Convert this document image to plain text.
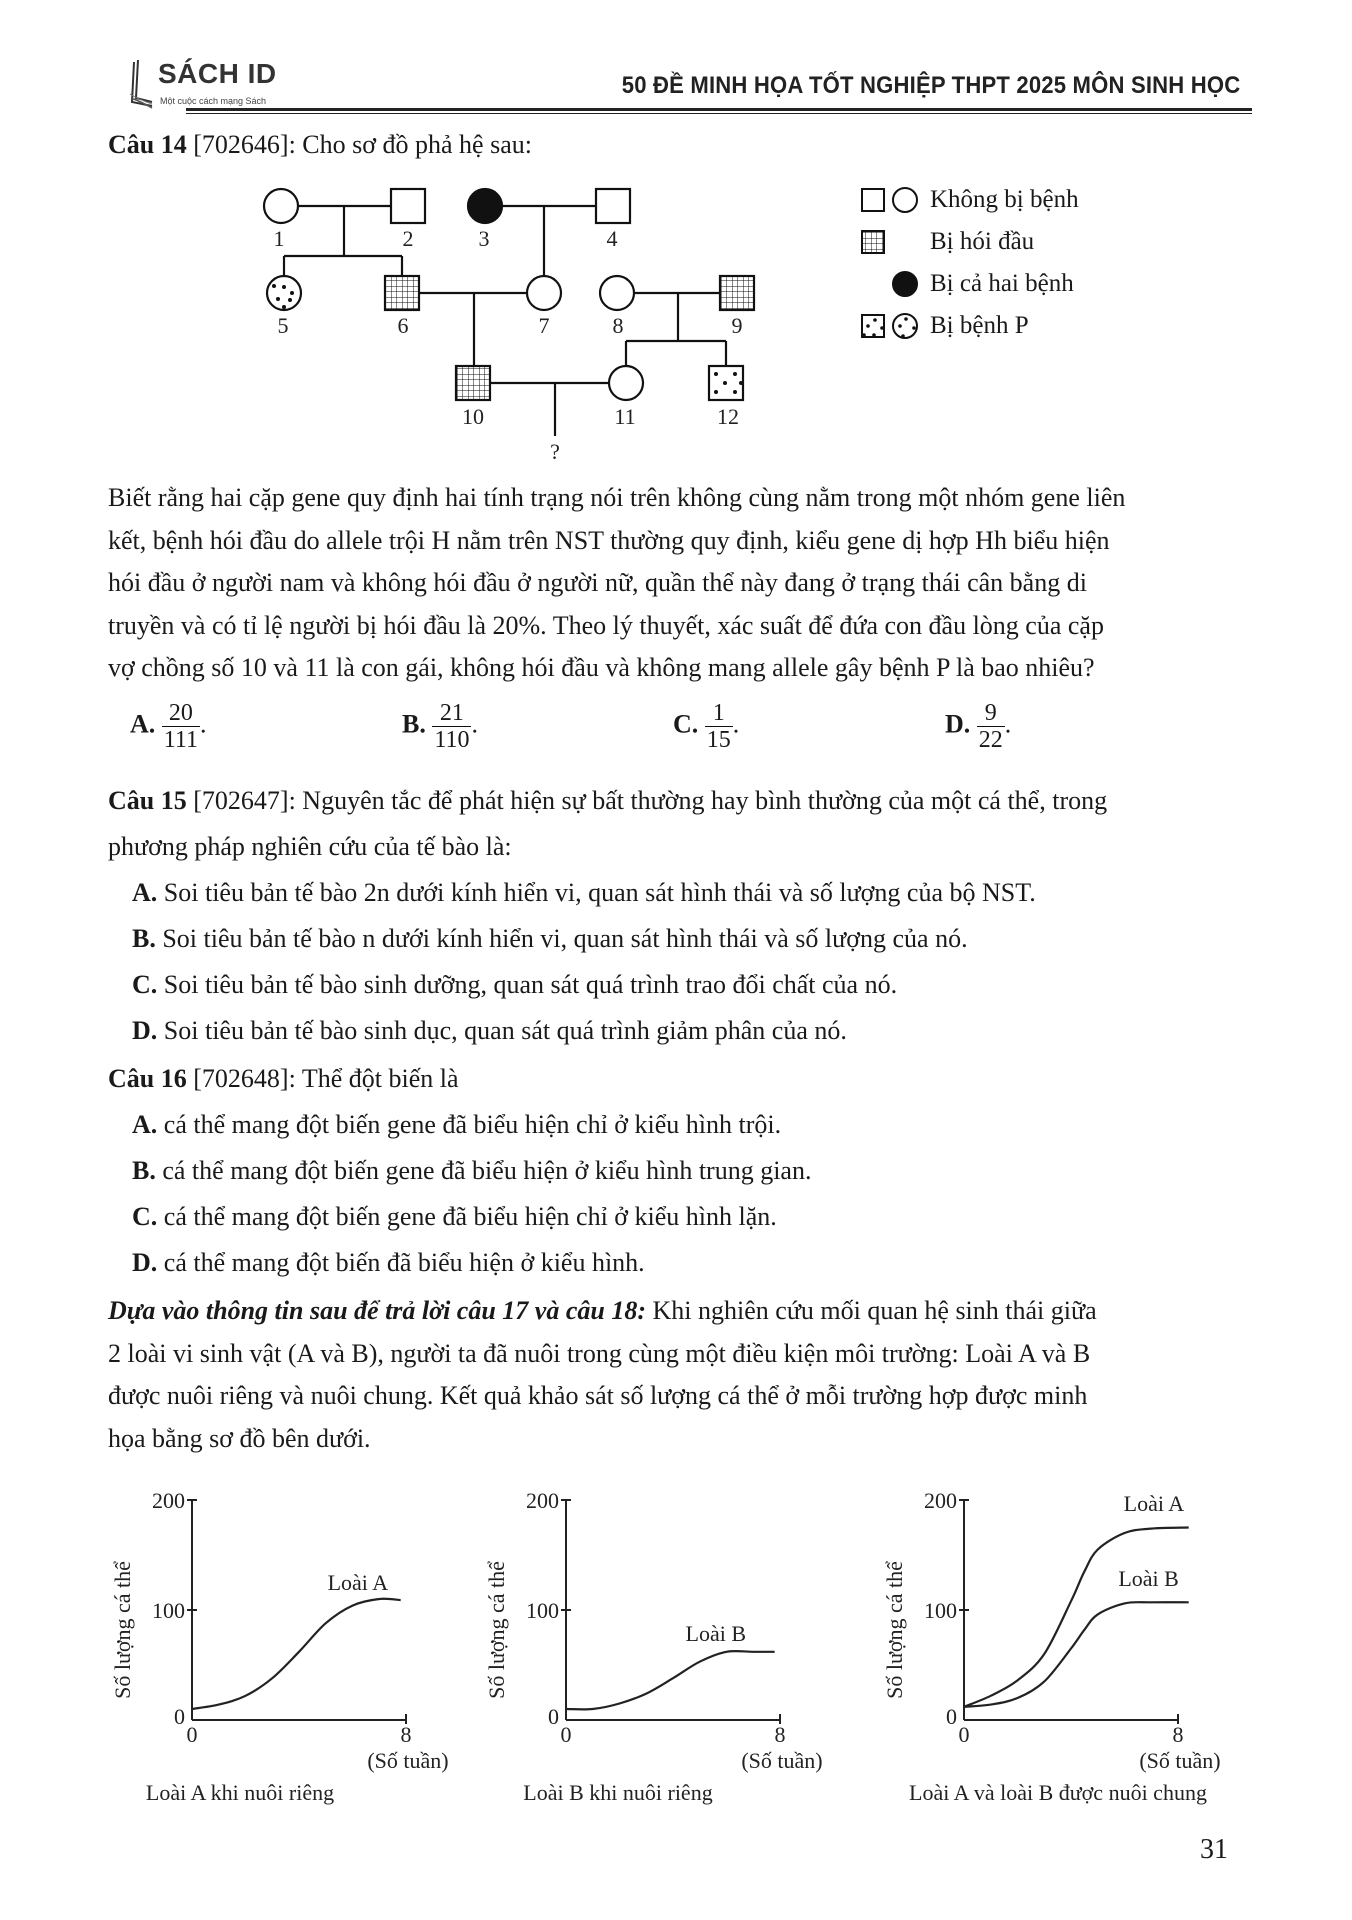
SÁCH ID
Một cuộc cách mạng Sách
50 ĐỀ MINH HỌA TỐT NGHIỆP THPT 2025 MÔN SINH HỌC
Câu 14 [702646]: Cho sơ đồ phả hệ sau:
1	2	3	4
5	6	7	8	9
10	11	12
?
Không bị bệnh
Bị hói đầu
Bị cả hai bệnh
Bị bệnh P
Biết rằng hai cặp gene quy định hai tính trạng nói trên không cùng nằm trong một nhóm gene liên
kết, bệnh hói đầu do allele trội H nằm trên NST thường quy định, kiểu gene dị hợp Hh biểu hiện
hói đầu ở người nam và không hói đầu ở người nữ, quần thể này đang ở trạng thái cân bằng di
truyền và có tỉ lệ người bị hói đầu là 20%. Theo lý thuyết, xác suất để đứa con đầu lòng của cặp
vợ chồng số 10 và 11 là con gái, không hói đầu và không mang allele gây bệnh P là bao nhiêu?
A. $\frac{20}{111}$ .	B. $\frac{21}{110}$ .	C. $\frac{1}{15}$ .	D. $\frac{9}{22}$ .
Câu 15 [702647]: Nguyên tắc để phát hiện sự bất thường hay bình thường của một cá thể, trong
phương pháp nghiên cứu của tế bào là:
A. Soi tiêu bản tế bào 2n dưới kính hiển vi, quan sát hình thái và số lượng của bộ NST.
B. Soi tiêu bản tế bào n dưới kính hiển vi, quan sát hình thái và số lượng của nó.
C. Soi tiêu bản tế bào sinh dưỡng, quan sát quá trình trao đổi chất của nó.
D. Soi tiêu bản tế bào sinh dục, quan sát quá trình giảm phân của nó.
Câu 16 [702648]: Thể đột biến là
A. cá thể mang đột biến gene đã biểu hiện chỉ ở kiểu hình trội.
B. cá thể mang đột biến gene đã biểu hiện ở kiểu hình trung gian.
C. cá thể mang đột biến gene đã biểu hiện chỉ ở kiểu hình lặn.
D. cá thể mang đột biến đã biểu hiện ở kiểu hình.
Dựa vào thông tin sau để trả lời câu 17 và câu 18: Khi nghiên cứu mối quan hệ sinh thái giữa
2 loài vi sinh vật (A và B), người ta đã nuôi trong cùng một điều kiện môi trường: Loài A và B
được nuôi riêng và nuôi chung. Kết quả khảo sát số lượng cá thể ở mỗi trường hợp được minh
họa bằng sơ đồ bên dưới.
0
100
200
0	8
(Số tuần)
Số lượng cá thể	Loài A
Loài A khi nuôi riêng
0
100
200
0	8
(Số tuần)
Số lượng cá thể	Loài B
Loài B khi nuôi riêng
0
100
200
0	8
(Số tuần)
Số lượng cá thể
Loài A
Loài B
Loài A và loài B được nuôi chung
31
